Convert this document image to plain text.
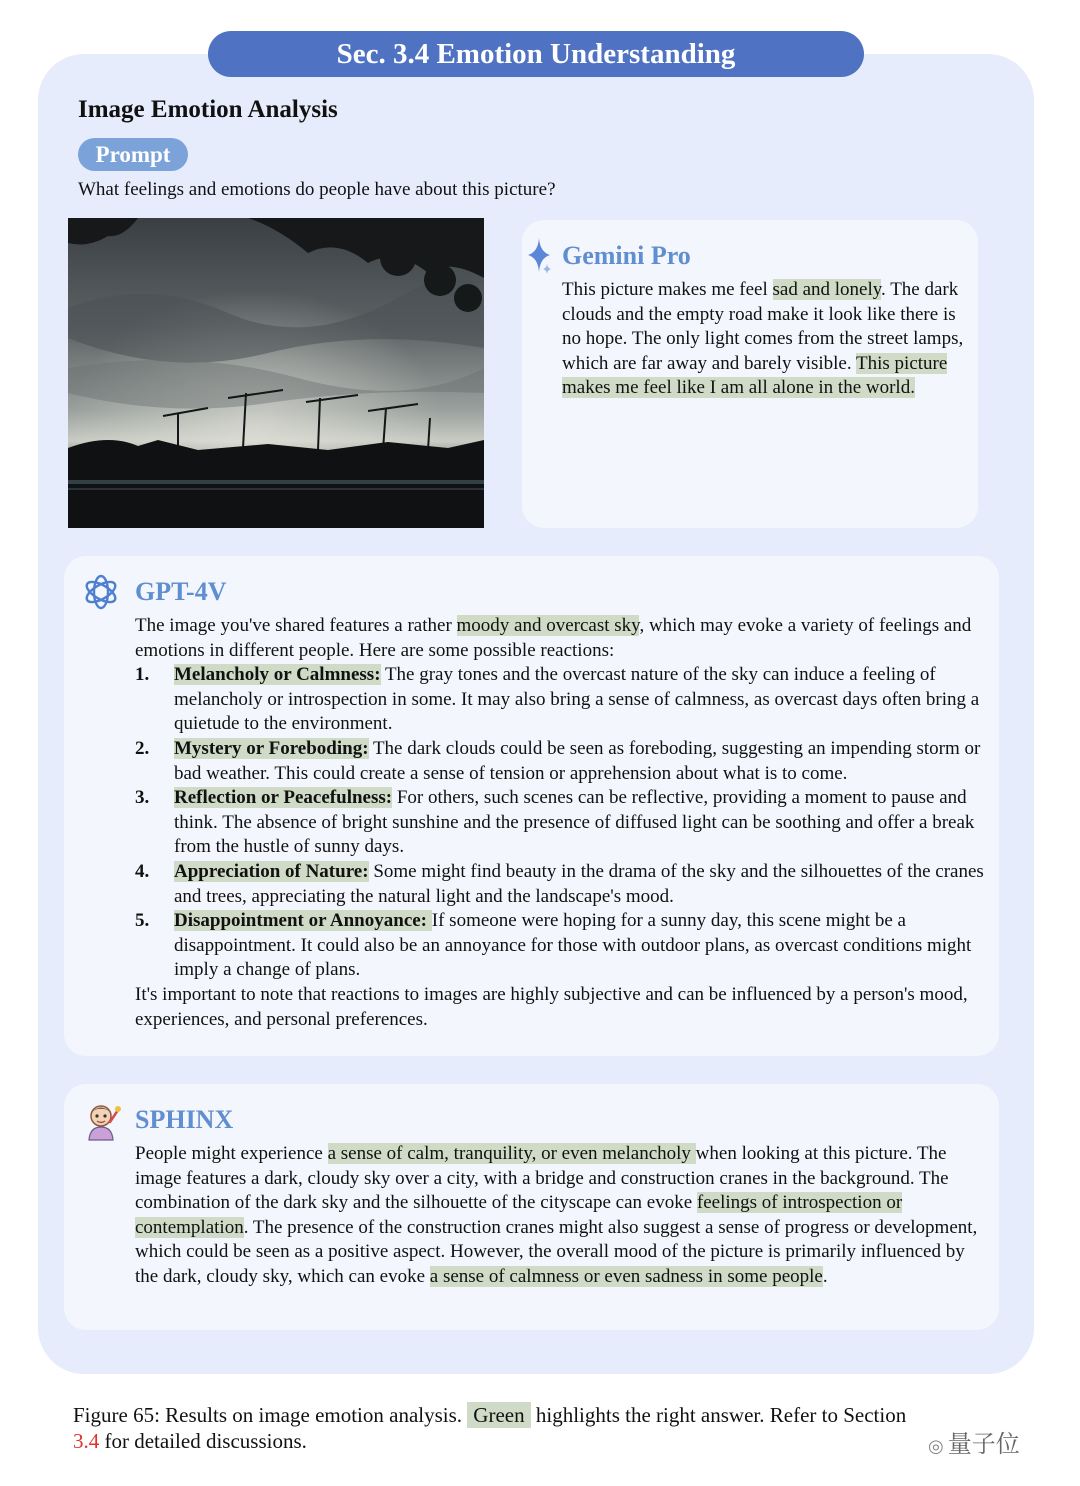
Sec. 3.4 Emotion Understanding
Image Emotion Analysis
Prompt
What feelings and emotions do people have about this picture?
Gemini Pro
This picture makes me feel sad and lonely. The dark clouds and the empty road make it look like there is no hope. The only light comes from the street lamps, which are far away and barely visible. This picture makes me feel like I am all alone in the world.
GPT-4V
The image you've shared features a rather moody and overcast sky, which may evoke a variety of feelings and emotions in different people. Here are some possible reactions:
1. Melancholy or Calmness: The gray tones and the overcast nature of the sky can induce a feeling of melancholy or introspection in some. It may also bring a sense of calmness, as overcast days often bring a quietude to the environment.
2. Mystery or Foreboding: The dark clouds could be seen as foreboding, suggesting an impending storm or bad weather. This could create a sense of tension or apprehension about what is to come.
3. Reflection or Peacefulness: For others, such scenes can be reflective, providing a moment to pause and think. The absence of bright sunshine and the presence of diffused light can be soothing and offer a break from the hustle of sunny days.
4. Appreciation of Nature: Some might find beauty in the drama of the sky and the silhouettes of the cranes and trees, appreciating the natural light and the landscape's mood.
5. Disappointment or Annoyance: If someone were hoping for a sunny day, this scene might be a disappointment. It could also be an annoyance for those with outdoor plans, as overcast conditions might imply a change of plans.
It's important to note that reactions to images are highly subjective and can be influenced by a person's mood, experiences, and personal preferences.
SPHINX
People might experience a sense of calm, tranquility, or even melancholy when looking at this picture. The image features a dark, cloudy sky over a city, with a bridge and construction cranes in the background. The combination of the dark sky and the silhouette of the cityscape can evoke feelings of introspection or contemplation. The presence of the construction cranes might also suggest a sense of progress or development, which could be seen as a positive aspect. However, the overall mood of the picture is primarily influenced by the dark, cloudy sky, which can evoke a sense of calmness or even sadness in some people.
Figure 65: Results on image emotion analysis. Green highlights the right answer. Refer to Section
3.4 for detailed discussions.	◎ 量子位
